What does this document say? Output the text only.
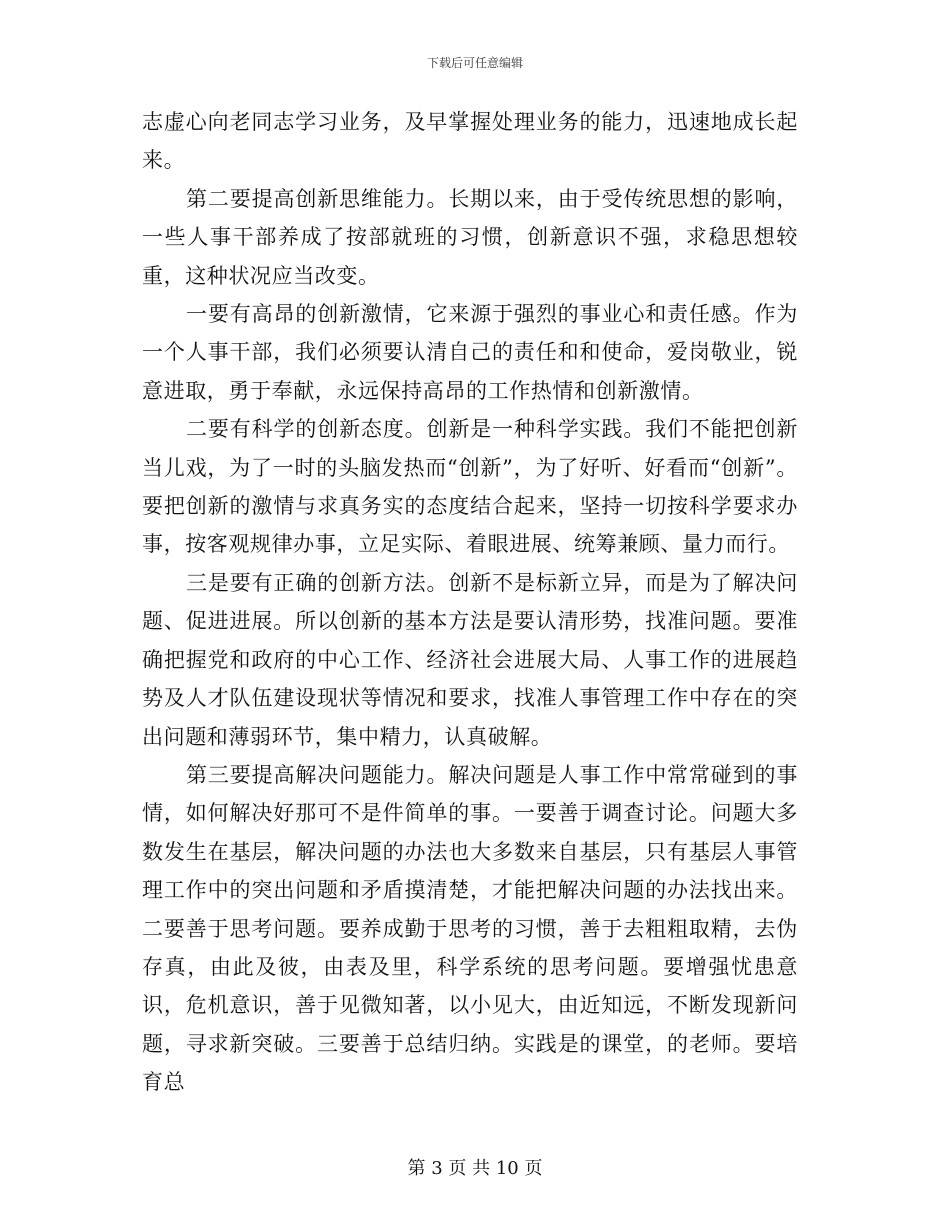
下载后可任意编辑

志虚心向老同志学习业务，及早掌握处理业务的能力，迅速地成长起来。

第二要提高创新思维能力。长期以来，由于受传统思想的影响，一些人事干部养成了按部就班的习惯，创新意识不强，求稳思想较重，这种状况应当改变。

一要有高昂的创新激情，它来源于强烈的事业心和责任感。作为一个人事干部，我们必须要认清自己的责任和和使命，爱岗敬业，锐意进取，勇于奉献，永远保持高昂的工作热情和创新激情。

二要有科学的创新态度。创新是一种科学实践。我们不能把创新当儿戏，为了一时的头脑发热而“创新”，为了好听、好看而“创新”。要把创新的激情与求真务实的态度结合起来，坚持一切按科学要求办事，按客观规律办事，立足实际、着眼进展、统筹兼顾、量力而行。

三是要有正确的创新方法。创新不是标新立异，而是为了解决问题、促进进展。所以创新的基本方法是要认清形势，找准问题。要准确把握党和政府的中心工作、经济社会进展大局、人事工作的进展趋势及人才队伍建设现状等情况和要求，找准人事管理工作中存在的突出问题和薄弱环节，集中精力，认真破解。

第三要提高解决问题能力。解决问题是人事工作中常常碰到的事情，如何解决好那可不是件简单的事。一要善于调查讨论。问题大多数发生在基层，解决问题的办法也大多数来自基层，只有基层人事管理工作中的突出问题和矛盾摸清楚，才能把解决问题的办法找出来。二要善于思考问题。要养成勤于思考的习惯，善于去粗粗取精，去伪存真，由此及彼，由表及里，科学系统的思考问题。要增强忧患意识，危机意识，善于见微知著，以小见大，由近知远，不断发现新问题，寻求新突破。三要善于总结归纳。实践是的课堂，的老师。要培育总

第 3 页 共 10 页
